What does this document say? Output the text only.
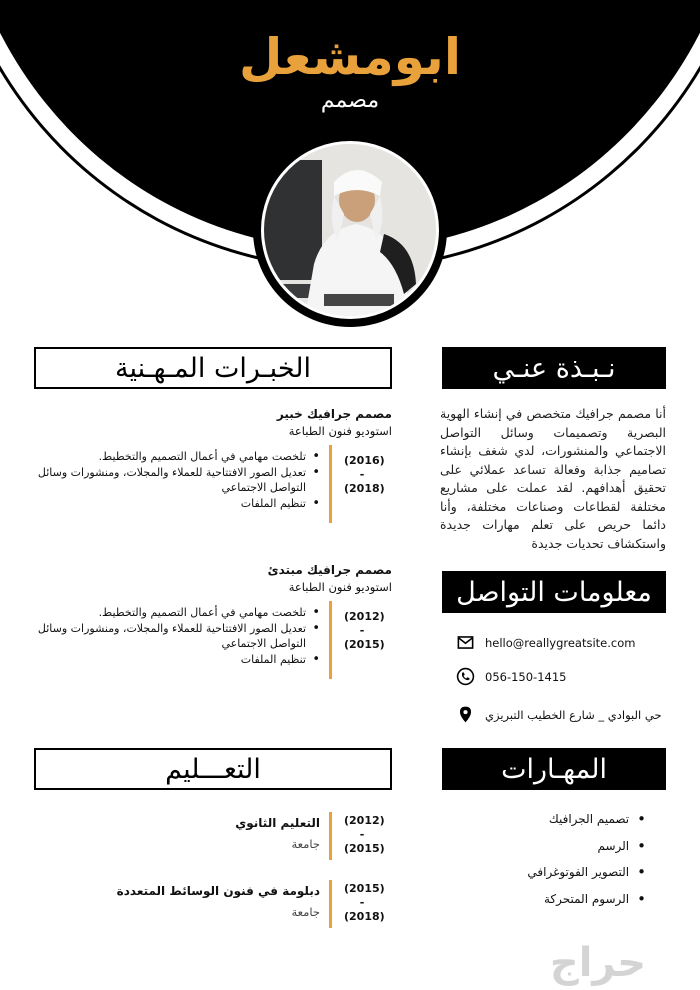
ابومشعل
مصمم
نـبـذة عنـي
أنا مصمم جرافيك متخصص في إنشاء الهوية البصرية وتصميمات وسائل التواصل الاجتماعي والمنشورات، لدي شغف بإنشاء تصاميم جذابة وفعالة تساعد عملائي على تحقيق أهدافهم. لقد عملت على مشاريع مختلفة لقطاعات وصناعات مختلفة، وأنا دائما حريص على تعلم مهارات جديدة واستكشاف تحديات جديدة
معلومات التواصل
hello@reallygreatsite.com
056-150-1415
حي البوادي _ شارع الخطيب التبريزي
المهـارات
• تصميم الجرافيك
• الرسم
• التصوير الفوتوغرافي
• الرسوم المتحركة
الخبـرات المـهـنية
مصمم جرافيك خبير
استوديو فنون الطباعة
• تلخصت مهامي في أعمال التصميم والتخطيط.
• تعديل الصور الافتتاحية للعملاء والمجلات، ومنشورات وسائل التواصل الاجتماعي
• تنظيم الملفات
(2016)
-
(2018)
مصمم جرافيك مبتدئ
استوديو فنون الطباعة
• تلخصت مهامي في أعمال التصميم والتخطيط.
• تعديل الصور الافتتاحية للعملاء والمجلات، ومنشورات وسائل التواصل الاجتماعي
• تنظيم الملفات
(2012)
-
(2015)
التعـــليم
التعليم الثانوي
جامعة
(2012)
-
(2015)
دبلومة في فنون الوسائط المتعددة
جامعة
(2015)
-
(2018)
حراج
